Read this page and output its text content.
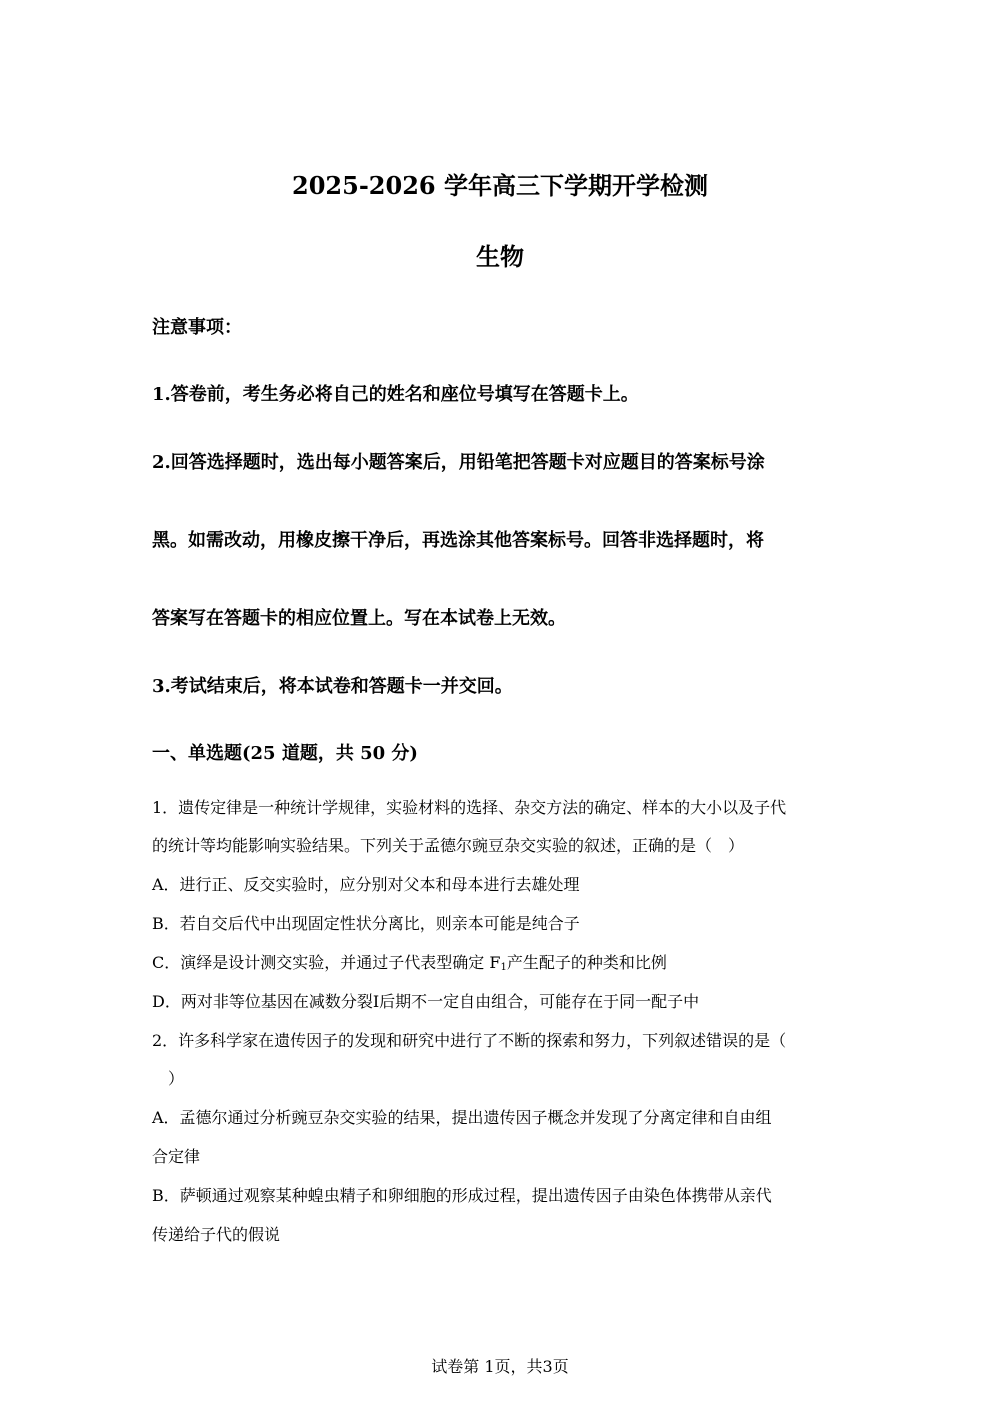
2025-2026 学年高三下学期开学检测
生物
注意事项：
1.答卷前，考生务必将自己的姓名和座位号填写在答题卡上。
2.回答选择题时，选出每小题答案后，用铅笔把答题卡对应题目的答案标号涂
黑。如需改动，用橡皮擦干净后，再选涂其他答案标号。回答非选择题时，将
答案写在答题卡的相应位置上。写在本试卷上无效。
3.考试结束后，将本试卷和答题卡一并交回。
一、单选题(25 道题，共 50 分)
1．遗传定律是一种统计学规律，实验材料的选择、杂交方法的确定、样本的大小以及子代
的统计等均能影响实验结果。下列关于孟德尔豌豆杂交实验的叙述，正确的是（　）
A．进行正、反交实验时，应分别对父本和母本进行去雄处理
B．若自交后代中出现固定性状分离比，则亲本可能是纯合子
C．演绎是设计测交实验，并通过子代表型确定 $F_1$产生配子的种类和比例
D．两对非等位基因在减数分裂Ⅰ后期不一定自由组合，可能存在于同一配子中
2．许多科学家在遗传因子的发现和研究中进行了不断的探索和努力，下列叙述错误的是（
　）
A．孟德尔通过分析豌豆杂交实验的结果，提出遗传因子概念并发现了分离定律和自由组
合定律
B．萨顿通过观察某种蝗虫精子和卵细胞的形成过程，提出遗传因子由染色体携带从亲代
传递给子代的假说
试卷第 1页，共3页
